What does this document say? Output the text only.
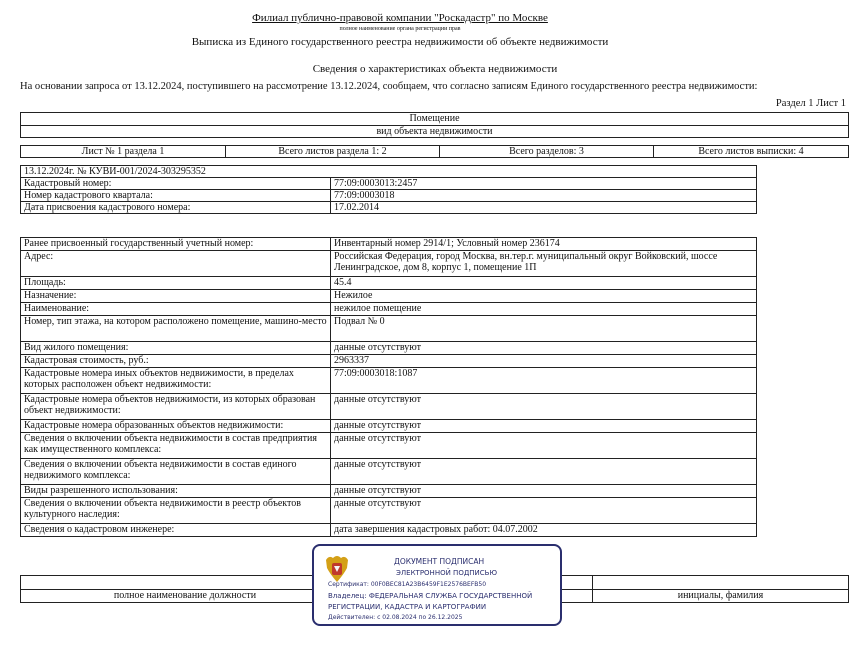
Филиал публично-правовой компании "Роскадастр" по Москве
полное наименование органа регистрации прав
Выписка из Единого государственного реестра недвижимости об объекте недвижимости
Сведения о характеристиках объекта недвижимости
На основании запроса от 13.12.2024, поступившего на рассмотрение 13.12.2024, сообщаем, что согласно записям Единого государственного реестра недвижимости:
Раздел 1 Лист 1
Помещение
вид объекта недвижимости
Лист № 1 раздела 1	Всего листов раздела 1: 2	Всего разделов: 3	Всего листов выписки: 4
13.12.2024г. № КУВИ-001/2024-303295352	
Кадастровый номер:	77:09:0003013:2457
Номер кадастрового квартала:	77:09:0003018
Дата присвоения кадастрового номера:	17.02.2014
Ранее присвоенный государственный учетный номер:	Инвентарный номер 2914/1; Условный номер 236174
Адрес:	Российская Федерация, город Москва, вн.тер.г. муниципальный округ Войковский, шоссе Ленинградское, дом 8, корпус 1, помещение 1П
Площадь:	45.4
Назначение:	Нежилое
Наименование:	нежилое помещение
Номер, тип этажа, на котором расположено помещение, машино-место	Подвал № 0
Вид жилого помещения:	данные отсутствуют
Кадастровая стоимость, руб.:	2963337
Кадастровые номера иных объектов недвижимости, в пределах которых расположен объект недвижимости:	77:09:0003018:1087
Кадастровые номера объектов недвижимости, из которых образован объект недвижимости:	данные отсутствуют
Кадастровые номера образованных объектов недвижимости:	данные отсутствуют
Сведения о включении объекта недвижимости в состав предприятия как имущественного комплекса:	данные отсутствуют
Сведения о включении объекта недвижимости в состав единого недвижимого комплекса:	данные отсутствуют
Виды разрешенного использования:	данные отсутствуют
Сведения о включении объекта недвижимости в реестр объектов культурного наследия:	данные отсутствуют
Сведения о кадастровом инженере:	дата завершения кадастровых работ: 04.07.2002

полное наименование должности		инициалы, фамилия
ДОКУМЕНТ ПОДПИСАН
ЭЛЕКТРОННОЙ ПОДПИСЬЮ
Сертификат: 00F0BEC81A23B6459F1E2576BEFB50
Владелец: ФЕДЕРАЛЬНАЯ СЛУЖБА ГОСУДАРСТВЕННОЙ
РЕГИСТРАЦИИ, КАДАСТРА И КАРТОГРАФИИ
Действителен: с 02.08.2024 по 26.12.2025
